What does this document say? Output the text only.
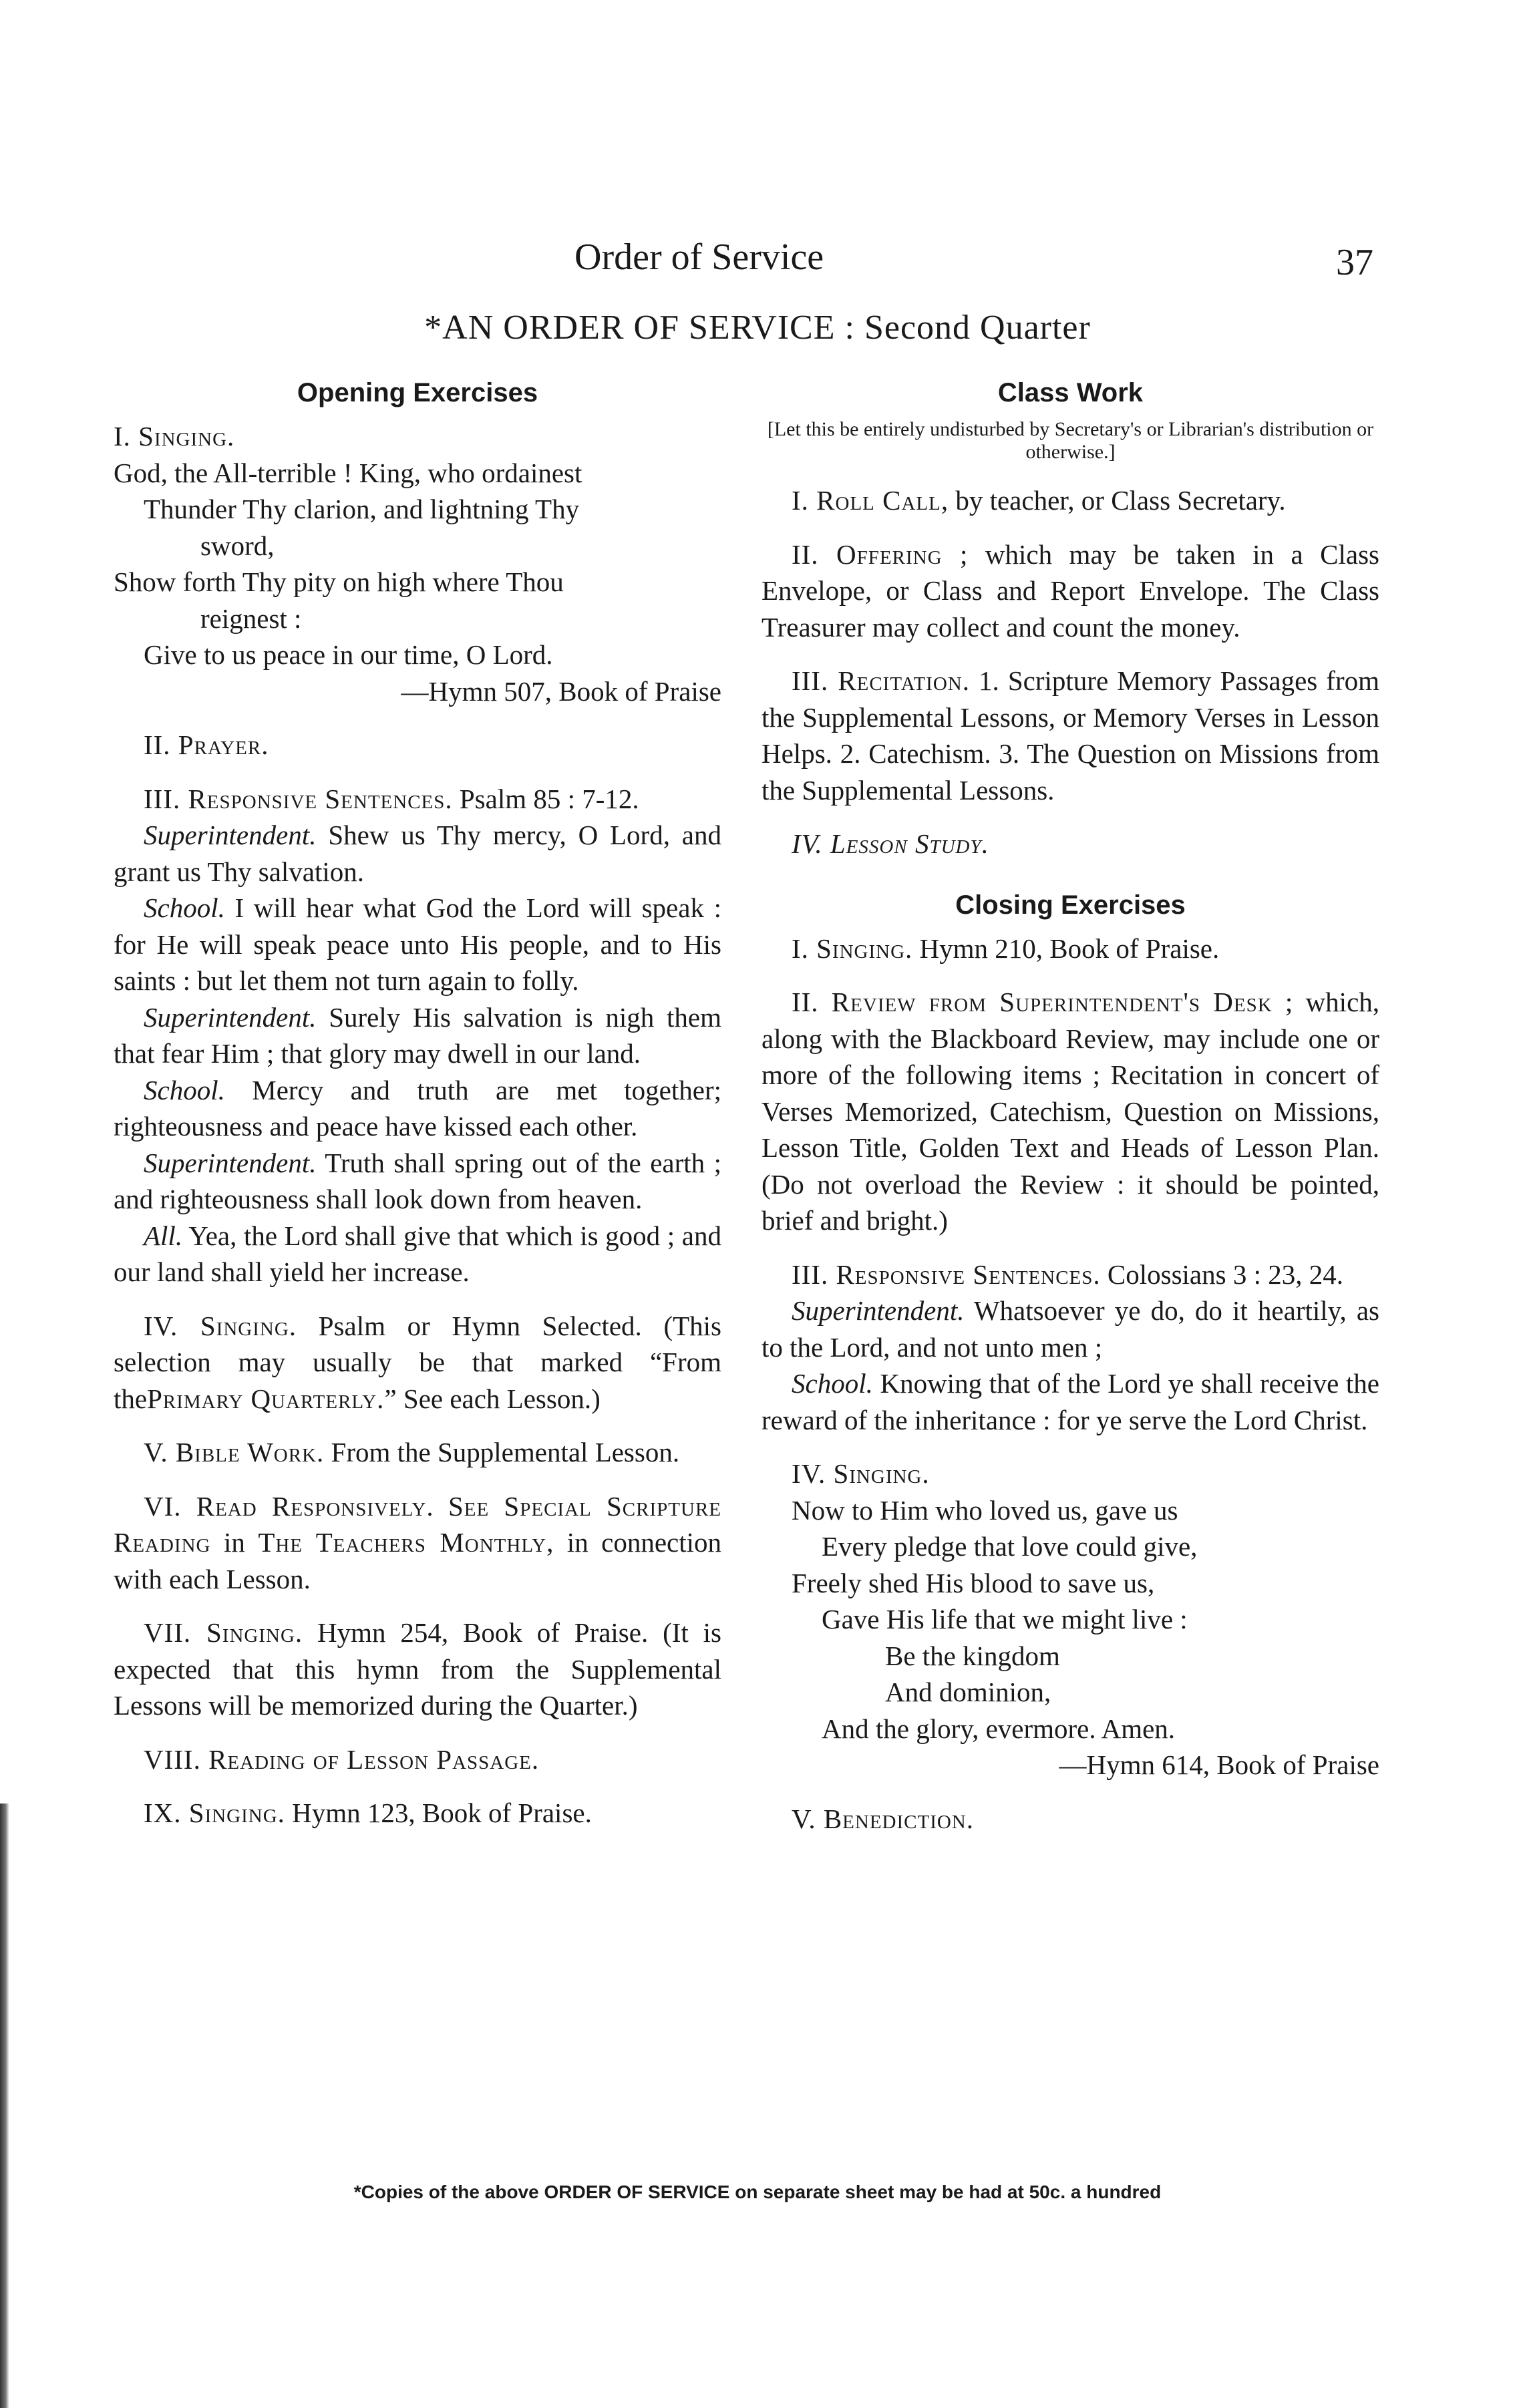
Order of Service	37
*AN ORDER OF SERVICE : Second Quarter
Opening Exercises
I. Singing.
God, the All-terrible ! King, who ordainest
Thunder Thy clarion, and lightning Thy
sword,
Show forth Thy pity on high where Thou
reignest :
Give to us peace in our time, O Lord.
—Hymn 507, Book of Praise
II. Prayer.
III. Responsive Sentences. Psalm 85 : 7-12.
Superintendent. Shew us Thy mercy, O Lord, and grant us Thy salvation.
School. I will hear what God the Lord will speak : for He will speak peace unto His people, and to His saints : but let them not turn again to folly.
Superintendent. Surely His salvation is nigh them that fear Him ; that glory may dwell in our land.
School. Mercy and truth are met together; righteousness and peace have kissed each other.
Superintendent. Truth shall spring out of the earth ; and righteousness shall look down from heaven.
All. Yea, the Lord shall give that which is good ; and our land shall yield her increase.
IV. Singing. Psalm or Hymn Selected. (This selection may usually be that marked “From thePrimary Quarterly.” See each Lesson.)
V. Bible Work. From the Supplemental Lesson.
VI. Read Responsively. See Special Scripture Reading in The Teachers Monthly, in connection with each Lesson.
VII. Singing. Hymn 254, Book of Praise. (It is expected that this hymn from the Supplemental Lessons will be memorized during the Quarter.)
VIII. Reading of Lesson Passage.
IX. Singing. Hymn 123, Book of Praise.
Class Work
[Let this be entirely undisturbed by Secretary's or Librarian's distribution or otherwise.]
I. Roll Call, by teacher, or Class Secretary.
II. Offering ; which may be taken in a Class Envelope, or Class and Report Envelope. The Class Treasurer may collect and count the money.
III. Recitation. 1. Scripture Memory Passages from the Supplemental Lessons, or Memory Verses in Lesson Helps. 2. Catechism. 3. The Question on Missions from the Supplemental Lessons.
IV. Lesson Study.
Closing Exercises
I. Singing. Hymn 210, Book of Praise.
II. Review from Superintendent's Desk ; which, along with the Blackboard Review, may include one or more of the following items ; Recitation in concert of Verses Memorized, Catechism, Question on Missions, Lesson Title, Golden Text and Heads of Lesson Plan. (Do not overload the Review : it should be pointed, brief and bright.)
III. Responsive Sentences. Colossians 3 : 23, 24.
Superintendent. Whatsoever ye do, do it heartily, as to the Lord, and not unto men ;
School. Knowing that of the Lord ye shall receive the reward of the inheritance : for ye serve the Lord Christ.
IV. Singing.
Now to Him who loved us, gave us
Every pledge that love could give,
Freely shed His blood to save us,
Gave His life that we might live :
Be the kingdom
And dominion,
And the glory, evermore. Amen.
—Hymn 614, Book of Praise
V. Benediction.
*Copies of the above ORDER OF SERVICE on separate sheet may be had at 50c. a hundred
